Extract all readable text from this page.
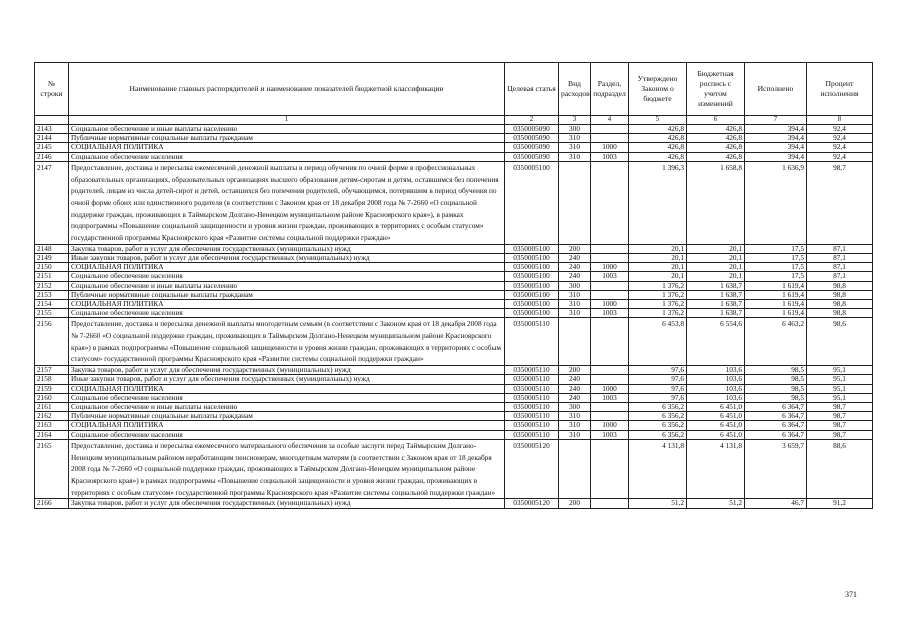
№ строки	Наименование главных распорядителей и наименование показателей бюджетной классификации	Целевая статья	Вид расходов	Раздел, подраздел	Утверждено Законом о бюджете	Бюджетная роспись с учетом изменений	Исполнено	Процент исполнения
	1	2	3	4	5	6	7	8
2143	Социальное обеспечение и иные выплаты населению	0350005090	300		426,8	426,8	394,4	92,4
2144	Публичные нормативные социальные выплаты гражданам	0350005090	310		426,8	426,8	394,4	92,4
2145	СОЦИАЛЬНАЯ ПОЛИТИКА	0350005090	310	1000	426,8	426,8	394,4	92,4
2146	Социальное обеспечение населения	0350005090	310	1003	426,8	426,8	394,4	92,4
2147	Предоставление, доставка и пересылка ежемесячной денежной выплаты в период обучения по очной форме в профессиональных образовательных организациях, образовательных организациях высшего образования детям-сиротам и детям, оставшимся без попечения родителей, лицам из числа детей-сирот и детей, оставшихся без попечения родителей, обучающимся, потерявшим в период обучения по очной форме обоих или единственного родителя (в соответствии с Законом края от 18 декабря 2008 года № 7-2660 «О социальной поддержке граждан, проживающих в Таймырском Долгано-Ненецком муниципальном районе Красноярского края»), в рамках подпрограммы «Повышение социальной защищенности и уровня жизни граждан, проживающих в территориях с особым статусом» государственной программы Красноярского края «Развитие системы социальной поддержки граждан»	0350005100			1 396,3	1 658,8	1 636,9	98,7
2148	Закупка товаров, работ и услуг для обеспечения государственных (муниципальных) нужд	0350005100	200		20,1	20,1	17,5	87,1
2149	Иные закупки товаров, работ и услуг для обеспечения государственных (муниципальных) нужд	0350005100	240		20,1	20,1	17,5	87,1
2150	СОЦИАЛЬНАЯ ПОЛИТИКА	0350005100	240	1000	20,1	20,1	17,5	87,1
2151	Социальное обеспечение населения	0350005100	240	1003	20,1	20,1	17,5	87,1
2152	Социальное обеспечение и иные выплаты населению	0350005100	300		1 376,2	1 638,7	1 619,4	98,8
2153	Публичные нормативные социальные выплаты гражданам	0350005100	310		1 376,2	1 638,7	1 619,4	98,8
2154	СОЦИАЛЬНАЯ ПОЛИТИКА	0350005100	310	1000	1 376,2	1 638,7	1 619,4	98,8
2155	Социальное обеспечение населения	0350005100	310	1003	1 376,2	1 638,7	1 619,4	98,8
2156	Предоставление, доставка и пересылка денежной выплаты многодетным семьям (в соответствии с Законом края от 18 декабря 2008 года № 7-2660 «О социальной поддержке граждан, проживающих в Таймырском Долгано-Ненецком муниципальном районе Красноярского края») в рамках подпрограммы «Повышение социальной защищенности и уровня жизни граждан, проживающих в территориях с особым статусом» государственной программы Красноярского края «Развитие системы социальной поддержки граждан»	0350005110			6 453,8	6 554,6	6 463,2	98,6
2157	Закупка товаров, работ и услуг для обеспечения государственных (муниципальных) нужд	0350005110	200		97,6	103,6	98,5	95,1
2158	Иные закупки товаров, работ и услуг для обеспечения государственных (муниципальных) нужд	0350005110	240		97,6	103,6	98,5	95,1
2159	СОЦИАЛЬНАЯ ПОЛИТИКА	0350005110	240	1000	97,6	103,6	98,5	95,1
2160	Социальное обеспечение населения	0350005110	240	1003	97,6	103,6	98,5	95,1
2161	Социальное обеспечение и иные выплаты населению	0350005110	300		6 356,2	6 451,0	6 364,7	98,7
2162	Публичные нормативные социальные выплаты гражданам	0350005110	310		6 356,2	6 451,0	6 364,7	98,7
2163	СОЦИАЛЬНАЯ ПОЛИТИКА	0350005110	310	1000	6 356,2	6 451,0	6 364,7	98,7
2164	Социальное обеспечение населения	0350005110	310	1003	6 356,2	6 451,0	6 364,7	98,7
2165	Предоставление, доставка и пересылка ежемесячного материального обеспечения за особые заслуги перед Таймырским Долгано-Ненецким муниципальным районом неработающим пенсионерам, многодетным матерям (в соответствии с Законом края от 18 декабря 2008 года № 7-2660 «О социальной поддержке граждан, проживающих в Таймырском Долгано-Ненецком муниципальном районе Красноярского края») в рамках подпрограммы «Повышение социальной защищенности и уровня жизни граждан, проживающих в территориях с особым статусом» государственной программы Красноярского края «Развитие системы социальной поддержки граждан»	0350005120			4 131,8	4 131,8	3 659,7	88,6
2166	Закупка товаров, работ и услуг для обеспечения государственных (муниципальных) нужд	0350005120	200		51,2	51,2	46,7	91,2
371
